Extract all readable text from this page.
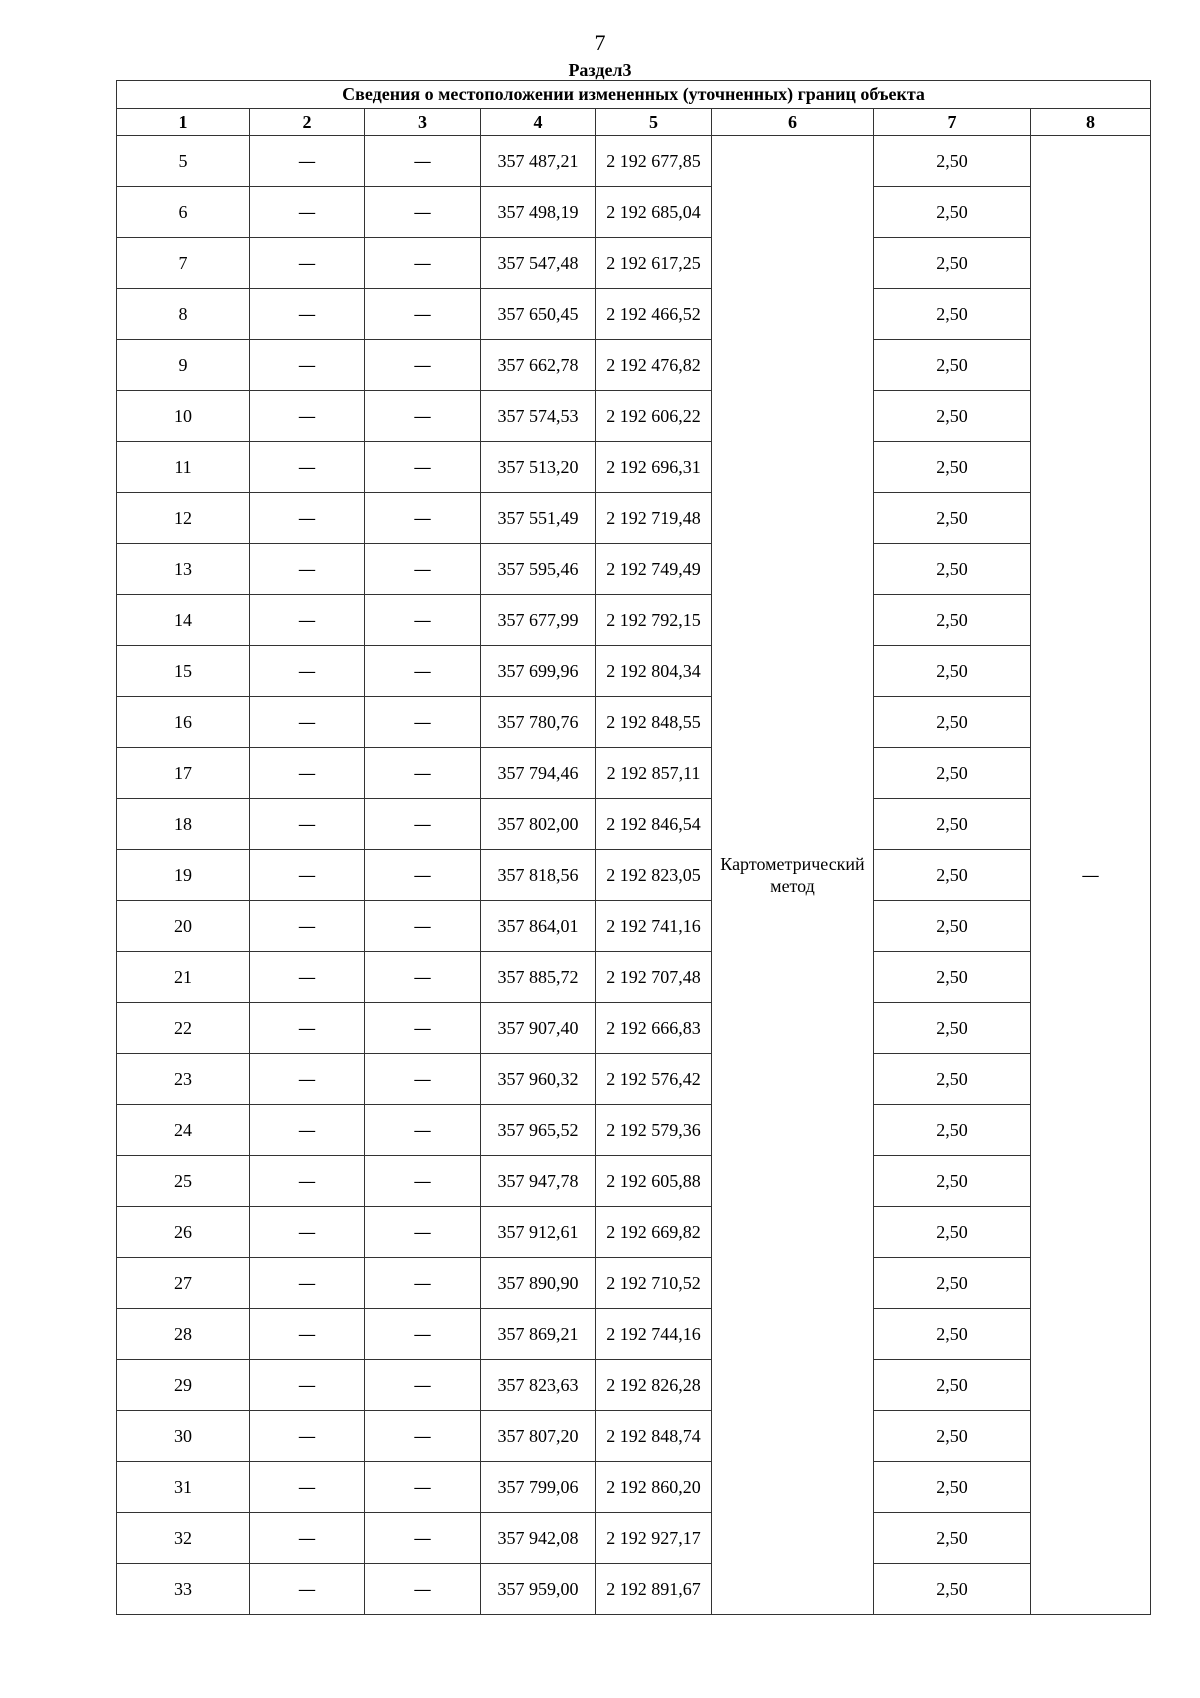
7
Раздел3
Сведения о местоположении измененных (уточненных) границ объекта							
1	2	3	4	5	6	7	8
5	—	—	357 487,21	2 192 677,85	Картометрический метод	2,50	—
6	—	—	357 498,19	2 192 685,04		2,50	
7	—	—	357 547,48	2 192 617,25		2,50	
8	—	—	357 650,45	2 192 466,52		2,50	
9	—	—	357 662,78	2 192 476,82		2,50	
10	—	—	357 574,53	2 192 606,22		2,50	
11	—	—	357 513,20	2 192 696,31		2,50	
12	—	—	357 551,49	2 192 719,48		2,50	
13	—	—	357 595,46	2 192 749,49		2,50	
14	—	—	357 677,99	2 192 792,15		2,50	
15	—	—	357 699,96	2 192 804,34		2,50	
16	—	—	357 780,76	2 192 848,55		2,50	
17	—	—	357 794,46	2 192 857,11		2,50	
18	—	—	357 802,00	2 192 846,54		2,50	
19	—	—	357 818,56	2 192 823,05		2,50	
20	—	—	357 864,01	2 192 741,16		2,50	
21	—	—	357 885,72	2 192 707,48		2,50	
22	—	—	357 907,40	2 192 666,83		2,50	
23	—	—	357 960,32	2 192 576,42		2,50	
24	—	—	357 965,52	2 192 579,36		2,50	
25	—	—	357 947,78	2 192 605,88		2,50	
26	—	—	357 912,61	2 192 669,82		2,50	
27	—	—	357 890,90	2 192 710,52		2,50	
28	—	—	357 869,21	2 192 744,16		2,50	
29	—	—	357 823,63	2 192 826,28		2,50	
30	—	—	357 807,20	2 192 848,74		2,50	
31	—	—	357 799,06	2 192 860,20		2,50	
32	—	—	357 942,08	2 192 927,17		2,50	
33	—	—	357 959,00	2 192 891,67		2,50	
